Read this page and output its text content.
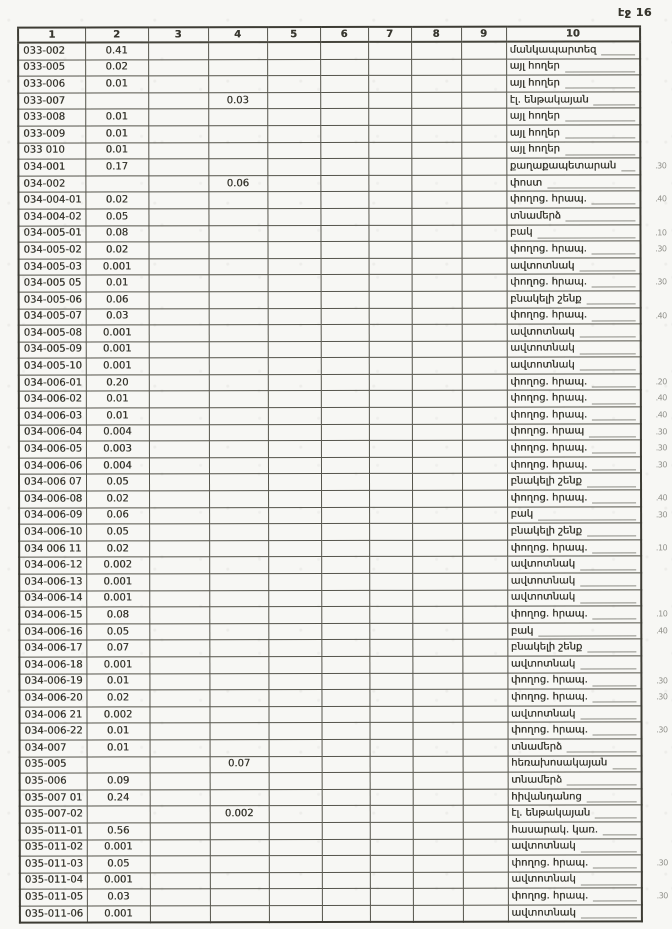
էջ 16
1	2	3	4	5	6	7	8	9	10
033-002	0.41								մանկապարտեզ

033-005	0.02								այլ հողեր

033-006	0.01								այլ հողեր

033-007			0.03						էլ. ենթակայան

033-008	0.01								այլ հողեր

033-009	0.01								այլ հողեր

033 010	0.01								այլ հողեր

034-001	0.17								քաղաքապետարան .30

034-002			0.06						փոստ

034-004-01	0.02								փողոց. հրապ. .40

034-004-02	0.05								տնամերձ

034-005-01	0.08								բակ .10

034-005-02	0.02								փողոց. հրապ. .30

034-005-03	0.001								ավտոտնակ

034-005 05	0.01								փողոց. հրապ. .30

034-005-06	0.06								բնակելի շենք

034-005-07	0.03								փողոց. հրապ. .40

034-005-08	0.001								ավտոտնակ

034-005-09	0.001								ավտոտնակ

034-005-10	0.001								ավտոտնակ

034-006-01	0.20								փողոց. հրապ. .20

034-006-02	0.01								փողոց. հրապ. .40

034-006-03	0.01								փողոց. հրապ. .40

034-006-04	0.004								փողոց. հրապ .30

034-006-05	0.003								փողոց. հրապ. .30

034-006-06	0.004								փողոց. հրապ. .30

034-006 07	0.05								բնակելի շենք

034-006-08	0.02								փողոց. հրապ. .40

034-006-09	0.06								բակ .30

034-006-10	0.05								բնակելի շենք

034 006 11	0.02								փողոց. հրապ. .10

034-006-12	0.002								ավտոտնակ

034-006-13	0.001								ավտոտնակ

034-006-14	0.001								ավտոտնակ

034-006-15	0.08								փողոց. հրապ. .10

034-006-16	0.05								բակ .40

034-006-17	0.07								բնակելի շենք

034-006-18	0.001								ավտոտնակ

034-006-19	0.01								փողոց. հրապ. .30

034-006-20	0.02								փողոց. հրապ. .30

034-006 21	0.002								ավտոտնակ

034-006-22	0.01								փողոց. հրապ. .30

034-007	0.01								տնամերձ

035-005			0.07						հեռախոսակայան

035-006	0.09								տնամերձ

035-007 01	0.24								հիվանդանոց

035-007-02			0.002						էլ. ենթակայան

035-011-01	0.56								հասարակ. կառ.

035-011-02	0.001								ավտոտնակ

035-011-03	0.05								փողոց. հրապ. .30

035-011-04	0.001								ավտոտնակ

035-011-05	0.03								փողոց. հրապ. .30

035-011-06	0.001								ավտոտնակ
